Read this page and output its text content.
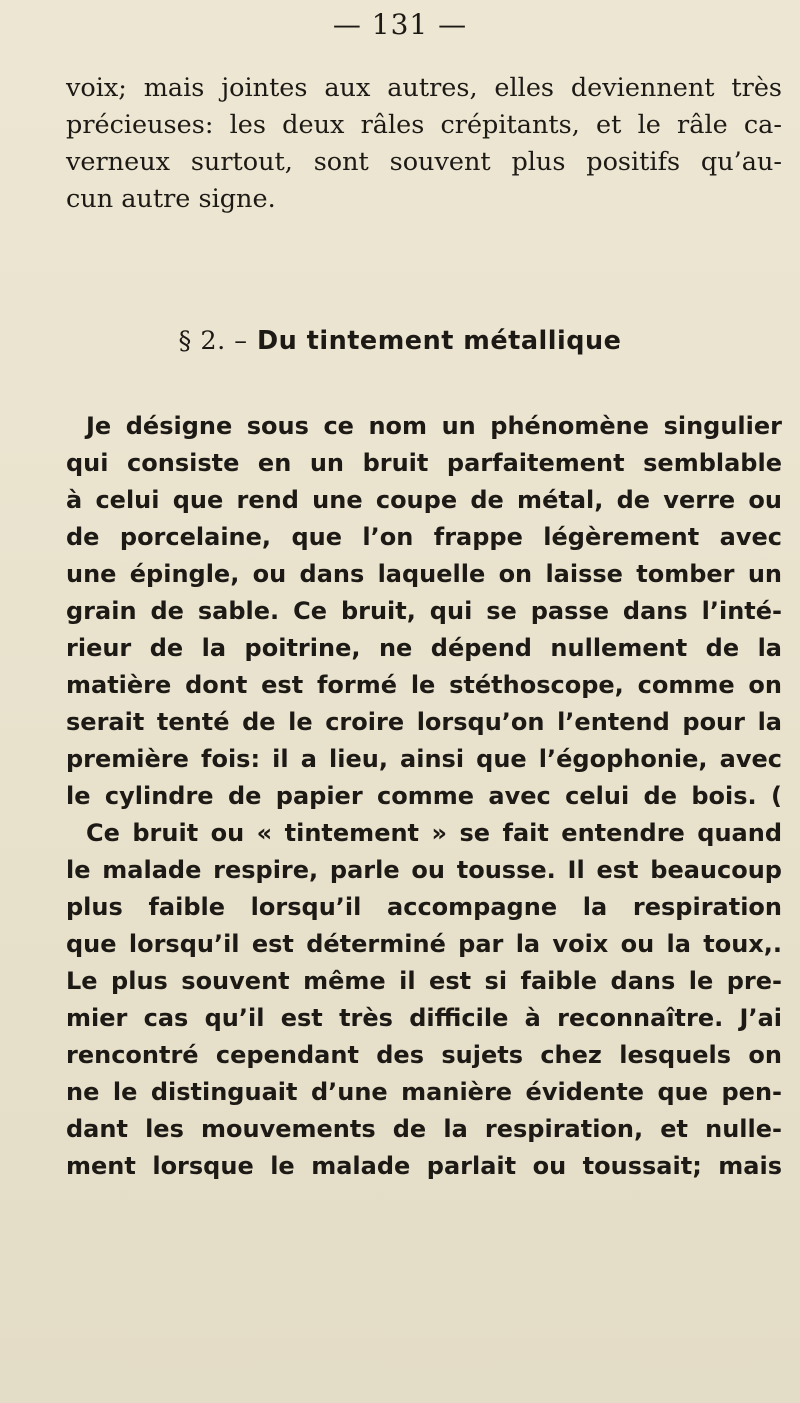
— 131 —
voix; mais jointes aux autres, elles deviennent très
précieuses: les deux râles crépitants, et le râle ca-
verneux surtout, sont souvent plus positifs qu’au-
cun autre signe.
§ 2. – Du tintement métallique
Je désigne sous ce nom un phénomène singulier
qui consiste en un bruit parfaitement semblable
à celui que rend une coupe de métal, de verre ou
de porcelaine, que l’on frappe légèrement avec
une épingle, ou dans laquelle on laisse tomber un
grain de sable. Ce bruit, qui se passe dans l’inté-
rieur de la poitrine, ne dépend nullement de la
matière dont est formé le stéthoscope, comme on
serait tenté de le croire lorsqu’on l’entend pour la
première fois: il a lieu, ainsi que l’égophonie, avec
le cylindre de papier comme avec celui de bois. (
Ce bruit ou « tintement » se fait entendre quand
le malade respire, parle ou tousse. Il est beaucoup
plus faible lorsqu’il accompagne la respiration
que lorsqu’il est déterminé par la voix ou la toux,.
Le plus souvent même il est si faible dans le pre-
mier cas qu’il est très difficile à reconnaître. J’ai
rencontré cependant des sujets chez lesquels on
ne le distinguait d’une manière évidente que pen-
dant les mouvements de la respiration, et nulle-
ment lorsque le malade parlait ou toussait; mais
